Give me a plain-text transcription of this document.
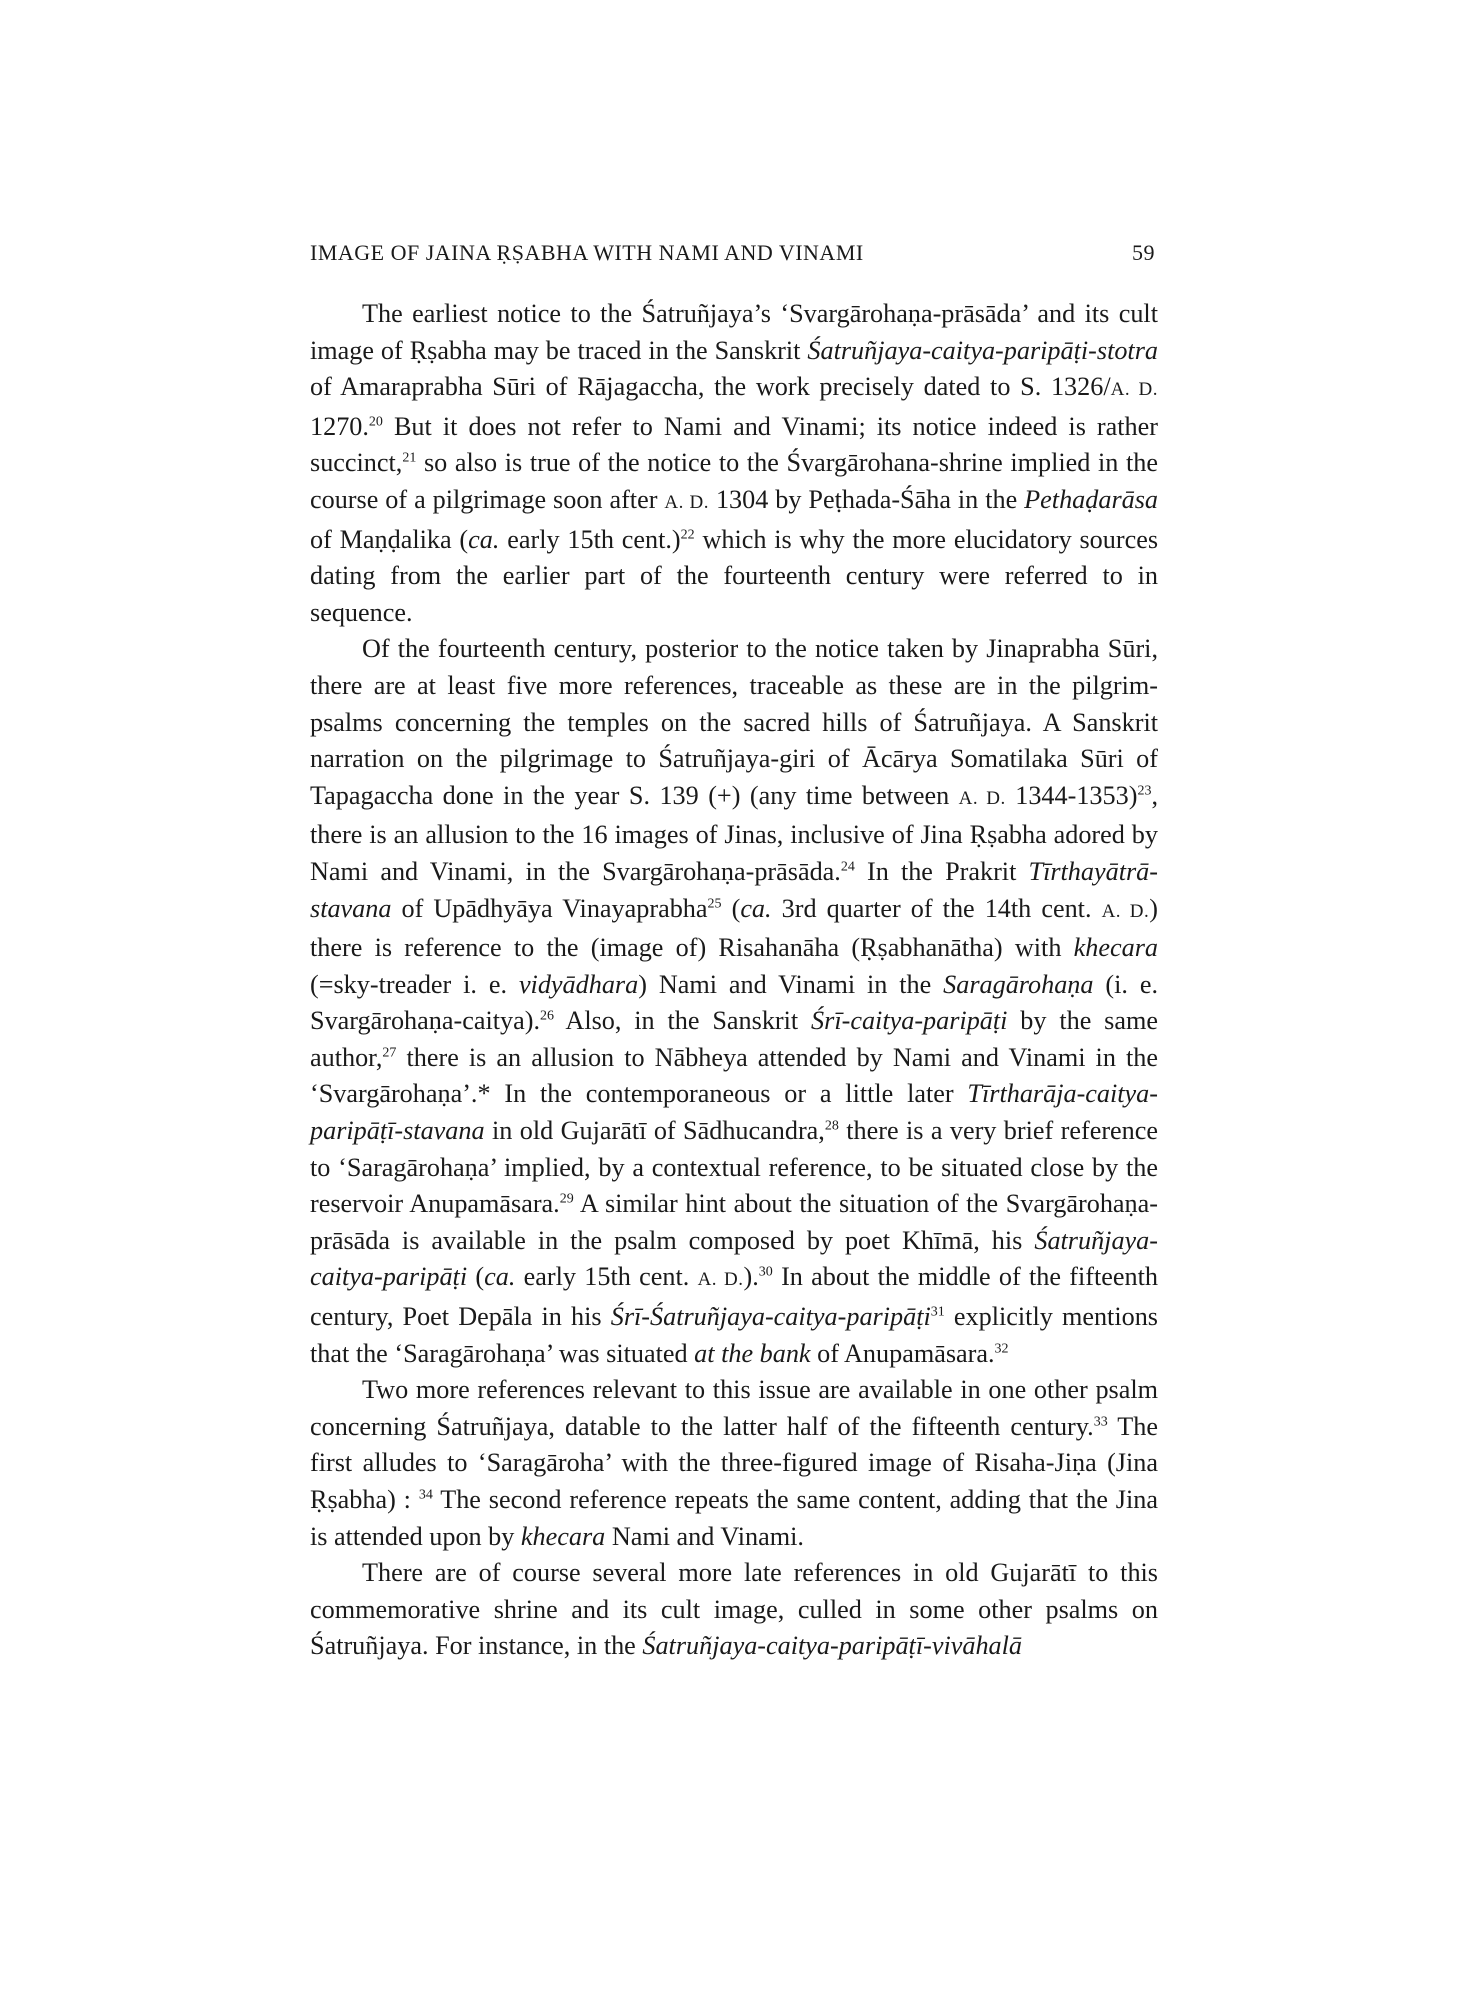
IMAGE OF JAINA ṚṢABHA WITH NAMI AND VINAMI	59

The earliest notice to the Śatruñjaya’s ‘Svargārohaṇa-prāsāda’ and its cult image of Ṛṣabha may be traced in the Sanskrit Śatruñjaya-caitya-paripāṭi-stotra of Amaraprabha Sūri of Rājagaccha, the work precisely dated to S. 1326/A. D. 1270.20 But it does not refer to Nami and Vinami; its notice indeed is rather succinct,$^{21}$ so also is true of the notice to the Śvargārohana-shrine implied in the course of a pilgrimage soon after A. D. 1304 by Peṭhada-Śāha in the Pethaḍarāsa of Maṇḍalika (ca. early 15th cent.)$^{22}$ which is why the more elucidatory sources dating from the earlier part of the fourteenth century were referred to in sequence.

Of the fourteenth century, posterior to the notice taken by Jinaprabha Sūri, there are at least five more references, traceable as these are in the pilgrim-psalms concerning the temples on the sacred hills of Śatruñjaya. A Sanskrit narration on the pilgrimage to Śatruñjaya-giri of Ācārya Somatilaka Sūri of Tapagaccha done in the year S. 139 (+) (any time between A. D. 1344-1353)$^{23}$, there is an allusion to the 16 images of Jinas, inclusive of Jina Ṛṣabha adored by Nami and Vinami, in the Svargārohaṇa-prāsāda.$^{24}$ In the Prakrit Tīrthayātrā-stavana of Upādhyāya Vinayaprabha$^{25}$ (ca. 3rd quarter of the 14th cent. A. D.) there is reference to the (image of) Risahanāha (Ṛṣabhanātha) with khecara (=sky-treader i. e. vidyādhara) Nami and Vinami in the Saragārohaṇa (i. e. Svargārohaṇa-caitya).$^{26}$ Also, in the Sanskrit Śrī-caitya-paripāṭi by the same author,$^{27}$ there is an allusion to Nābheya attended by Nami and Vinami in the ‘Svargārohaṇa’.* In the contemporaneous or a little later Tīrtharāja-caitya-paripāṭī-stavana in old Gujarātī of Sādhucandra,$^{28}$ there is a very brief reference to ‘Saragārohaṇa’ implied, by a contextual reference, to be situated close by the reservoir Anupamāsara.$^{29}$ A similar hint about the situation of the Svargārohaṇa-prāsāda is available in the psalm composed by poet Khīmā, his Śatruñjaya-caitya-paripāṭi (ca. early 15th cent. A. D.).$^{30}$ In about the middle of the fifteenth century, Poet Depāla in his Śrī-Śatruñjaya-caitya-paripāṭi$^{31}$ explicitly mentions that the ‘Saragārohaṇa’ was situated at the bank of Anupamāsara.$^{32}$

Two more references relevant to this issue are available in one other psalm concerning Śatruñjaya, datable to the latter half of the fifteenth century.$^{33}$ The first alludes to ‘Saragāroha’ with the three-figured image of Risaha-Jiṇa (Jina Ṛṣabha) : $^{34}$ The second reference repeats the same content, adding that the Jina is attended upon by khecara Nami and Vinami.

There are of course several more late references in old Gujarātī to this commemorative shrine and its cult image, culled in some other psalms on Śatruñjaya. For instance, in the Śatruñjaya-caitya-paripāṭī-vivāhalā
